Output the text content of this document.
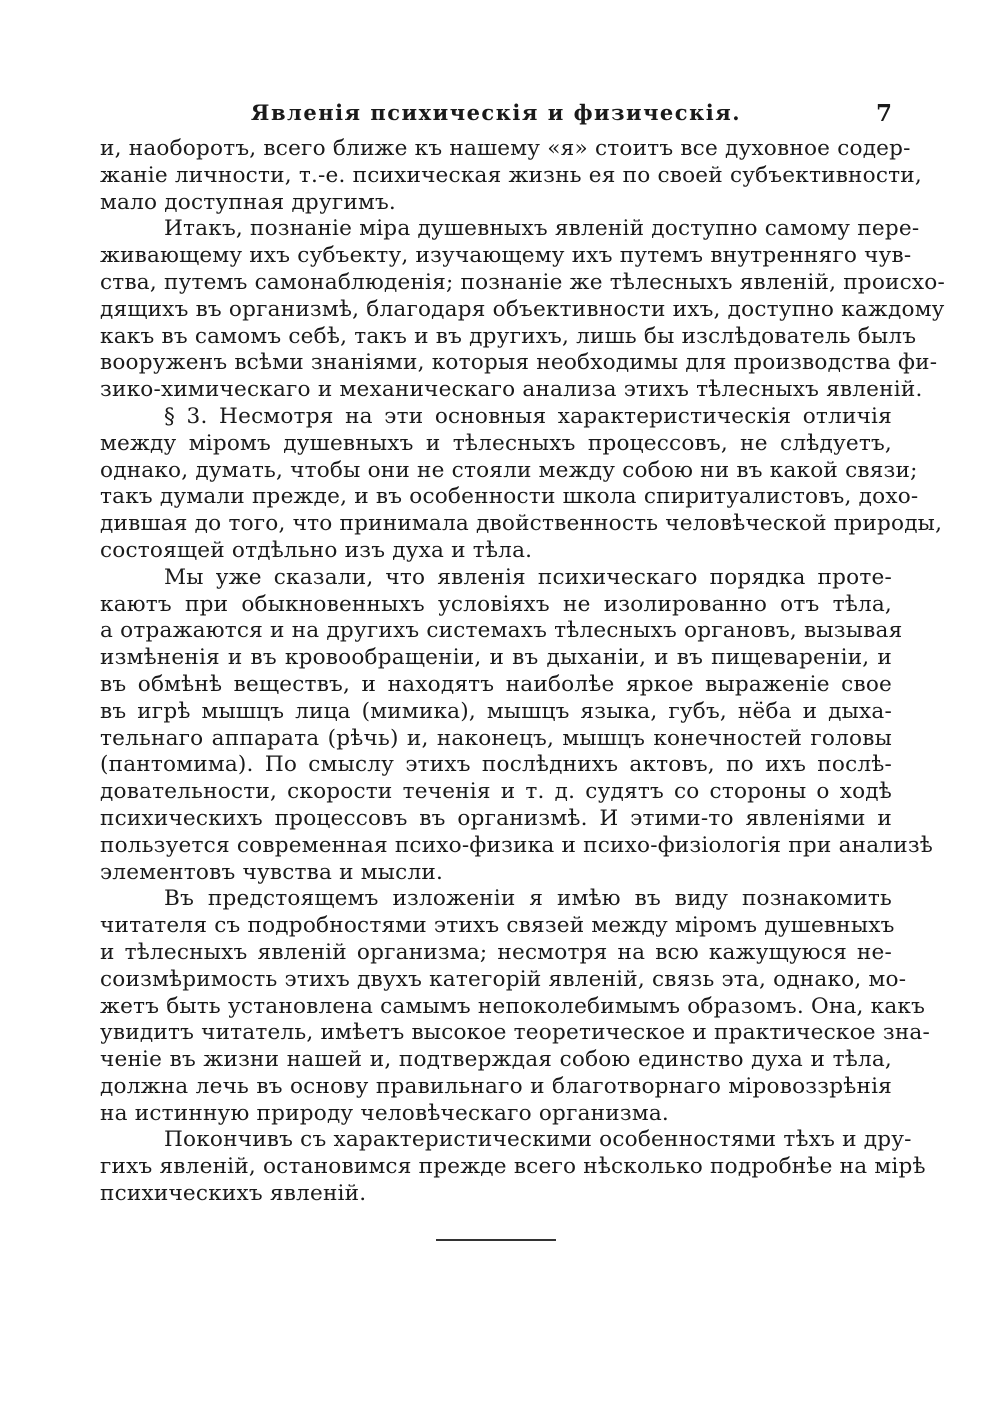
Явленія психическія и физическія.	7
и, наоборотъ, всего ближе къ нашему «я» стоитъ все духовное содер-
жаніе личности, т.-е. психическая жизнь ея по своей субъективности,
мало доступная другимъ.
Итакъ, познаніе міра душевныхъ явленій доступно самому пере-
живающему ихъ субъекту, изучающему ихъ путемъ внутренняго чув-
ства, путемъ самонаблюденія; познаніе же тѣлесныхъ явленій, происхо-
дящихъ въ организмѣ, благодаря объективности ихъ, доступно каждому
какъ въ самомъ себѣ, такъ и въ другихъ, лишь бы изслѣдователь былъ
вооруженъ всѣми знаніями, которыя необходимы для производства фи-
зико-химическаго и механическаго анализа этихъ тѣлесныхъ явленій.
§ 3. Несмотря на эти основныя характеристическія отличія
между міромъ душевныхъ и тѣлесныхъ процессовъ, не слѣдуетъ,
однако, думать, чтобы они не стояли между собою ни въ какой связи;
такъ думали прежде, и въ особенности школа спиритуалистовъ, дохо-
дившая до того, что принимала двойственность человѣческой природы,
состоящей отдѣльно изъ духа и тѣла.
Мы уже сказали, что явленія психическаго порядка проте-
каютъ при обыкновенныхъ условіяхъ не изолированно отъ тѣла,
а отражаются и на другихъ системахъ тѣлесныхъ органовъ, вызывая
измѣненія и въ кровообращеніи, и въ дыханіи, и въ пищевареніи, и
въ обмѣнѣ веществъ, и находятъ наиболѣе яркое выраженіе свое
въ игрѣ мышцъ лица (мимика), мышцъ языка, губъ, нёба и дыха-
тельнаго аппарата (рѣчь) и, наконецъ, мышцъ конечностей головы
(пантомима). По смыслу этихъ послѣднихъ актовъ, по ихъ послѣ-
довательности, скорости теченія и т. д. судятъ со стороны о ходѣ
психическихъ процессовъ въ организмѣ. И этими-то явленіями и
пользуется современная психо-физика и психо-физіологія при анализѣ
элементовъ чувства и мысли.
Въ предстоящемъ изложеніи я имѣю въ виду познакомить
читателя съ подробностями этихъ связей между міромъ душевныхъ
и тѣлесныхъ явленій организма; несмотря на всю кажущуюся не-
соизмѣримость этихъ двухъ категорій явленій, связь эта, однако, мо-
жетъ быть установлена самымъ непоколебимымъ образомъ. Она, какъ
увидитъ читатель, имѣетъ высокое теоретическое и практическое зна-
ченіе въ жизни нашей и, подтверждая собою единство духа и тѣла,
должна лечь въ основу правильнаго и благотворнаго міровоззрѣнія
на истинную природу человѣческаго организма.
Покончивъ съ характеристическими особенностями тѣхъ и дру-
гихъ явленій, остановимся прежде всего нѣсколько подробнѣе на мірѣ
психическихъ явленій.
